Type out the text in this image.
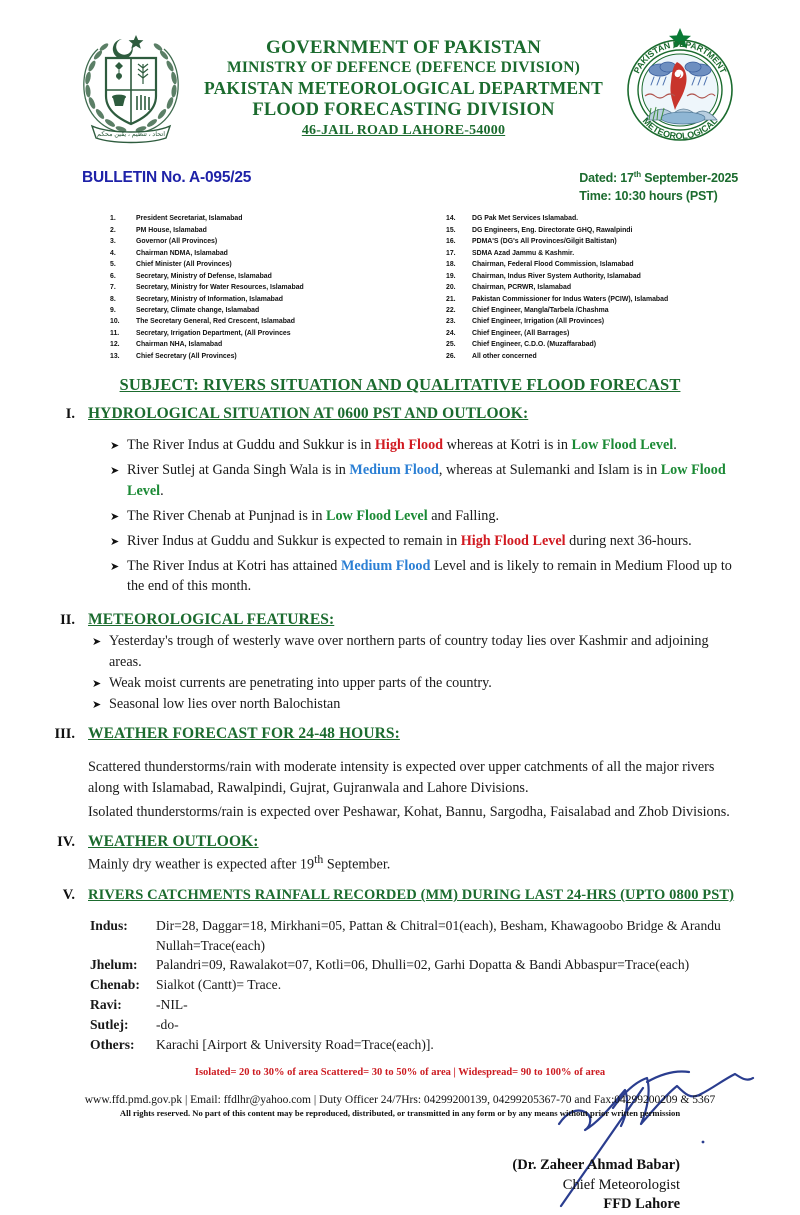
اتحاد ، تنظیم ، یقین محکم
GOVERNMENT OF PAKISTAN
MINISTRY OF DEFENCE (DEFENCE DIVISION)
PAKISTAN METEOROLOGICAL DEPARTMENT
FLOOD FORECASTING DIVISION
46-JAIL ROAD LAHORE-54000
PAKISTAN DEPARTMENT
METEOROLOGICAL
BULLETIN No. A-095/25	Dated: 17th September-2025
Time: 10:30 hours (PST)
1.	President Secretariat, Islamabad
2.	PM House, Islamabad
3.	Governor (All Provinces)
4.	Chairman NDMA, Islamabad
5.	Chief Minister (All Provinces)
6.	Secretary, Ministry of Defense, Islamabad
7.	Secretary, Ministry for Water Resources, Islamabad
8.	Secretary, Ministry of Information, Islamabad
9.	Secretary, Climate change, Islamabad
10.	The Secretary General, Red Crescent, Islamabad
11.	Secretary, Irrigation Department, (All Provinces
12.	Chairman NHA, Islamabad
13.	Chief Secretary (All Provinces)
14.	DG Pak Met Services Islamabad.
15.	DG Engineers, Eng. Directorate GHQ, Rawalpindi
16.	PDMA'S (DG's All Provinces/Gilgit Baltistan)
17.	SDMA Azad Jammu & Kashmir.
18.	Chairman, Federal Flood Commission, Islamabad
19.	Chairman, Indus River System Authority, Islamabad
20.	Chairman, PCRWR, Islamabad
21.	Pakistan Commissioner for Indus Waters (PCIW), Islamabad
22.	Chief Engineer, Mangla/Tarbela /Chashma
23.	Chief Engineer, Irrigation (All Provinces)
24.	Chief Engineer, (All Barrages)
25.	Chief Engineer, C.D.O. (Muzaffarabad)
26.	All other concerned
SUBJECT: RIVERS SITUATION AND QUALITATIVE FLOOD FORECAST
I. HYDROLOGICAL SITUATION AT 0600 PST AND OUTLOOK:
➤ The River Indus at Guddu and Sukkur is in High Flood whereas at Kotri is in Low Flood Level.
➤ River Sutlej at Ganda Singh Wala is in Medium Flood, whereas at Sulemanki and Islam is in Low Flood Level.
➤ The River Chenab at Punjnad is in Low Flood Level and Falling.
➤ River Indus at Guddu and Sukkur is expected to remain in High Flood Level during next 36-hours.
➤ The River Indus at Kotri has attained Medium Flood Level and is likely to remain in Medium Flood up to the end of this month.
II. METEOROLOGICAL FEATURES:
➤ Yesterday's trough of westerly wave over northern parts of country today lies over Kashmir and adjoining areas.
➤ Weak moist currents are penetrating into upper parts of the country.
➤ Seasonal low lies over north Balochistan
III. WEATHER FORECAST FOR 24-48 HOURS:

Scattered thunderstorms/rain with moderate intensity is expected over upper catchments of all the major rivers along with Islamabad, Rawalpindi, Gujrat, Gujranwala and Lahore Divisions.

Isolated thunderstorms/rain is expected over Peshawar, Kohat, Bannu, Sargodha, Faisalabad and Zhob Divisions.

IV. WEATHER OUTLOOK:

Mainly dry weather is expected after 19th September.

V. RIVERS CATCHMENTS RAINFALL RECORDED (MM) DURING LAST 24-HRS (UPTO 0800 PST)
Indus:	Dir=28, Daggar=18, Mirkhani=05, Pattan & Chitral=01(each), Besham, Khawagoobo Bridge & Arandu
Nullah=Trace(each)
Jhelum:	Palandri=09, Rawalakot=07, Kotli=06, Dhulli=02, Garhi Dopatta & Bandi Abbaspur=Trace(each)
Chenab:	Sialkot (Cantt)= Trace.
Ravi:	-NIL-
Sutlej:	-do-
Others:	Karachi [Airport & University Road=Trace(each)].
(Dr. Zaheer Ahmad Babar)
Chief Meteorologist
FFD Lahore
Isolated= 20 to 30% of area Scattered= 30 to 50% of area | Widespread= 90 to 100% of area
www.ffd.pmd.gov.pk | Email: ffdlhr@yahoo.com | Duty Officer 24/7Hrs: 04299200139, 04299205367-70 and Fax:04299200209 & 5367
All rights reserved. No part of this content may be reproduced, distributed, or transmitted in any form or by any means without prior written permission
